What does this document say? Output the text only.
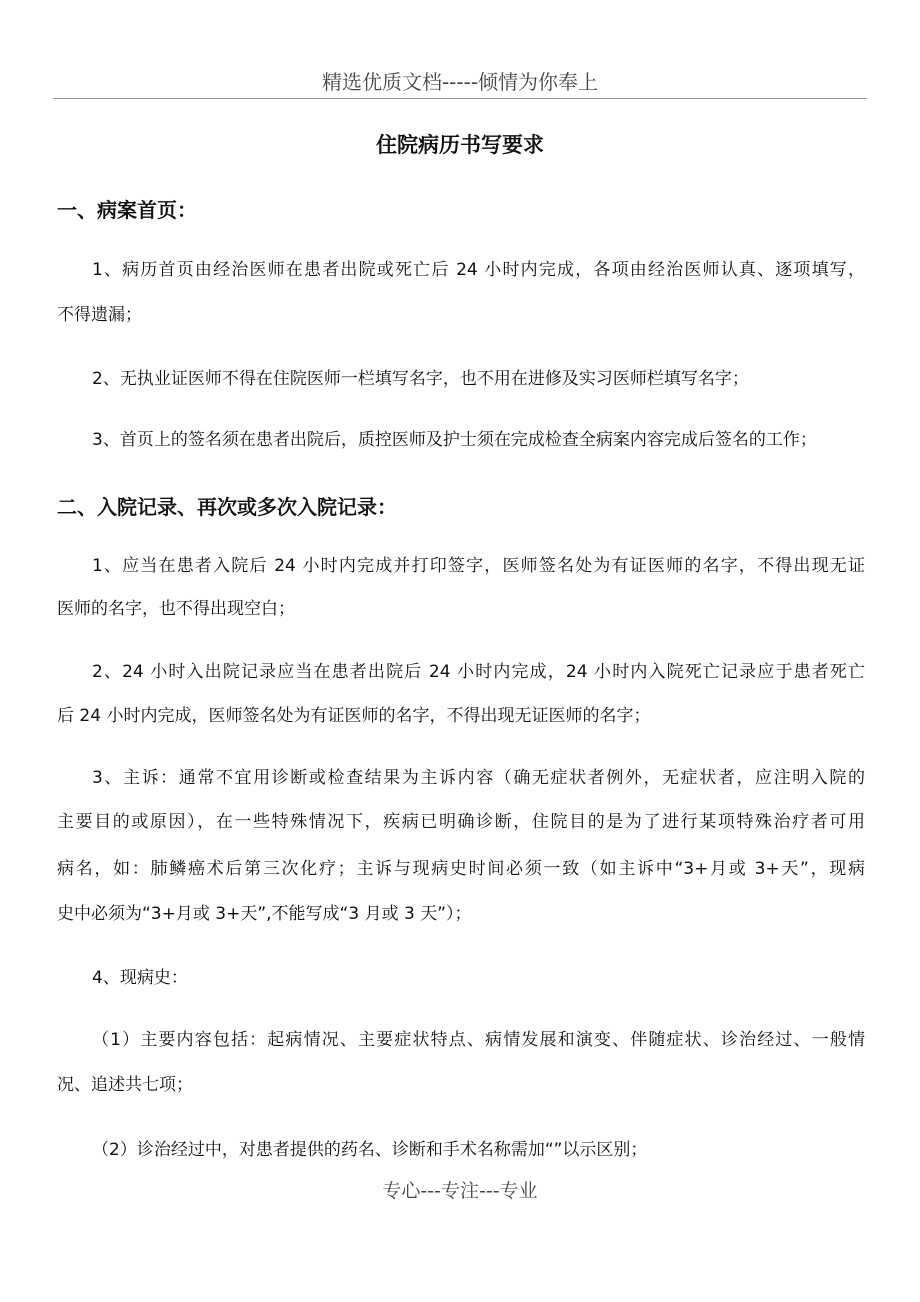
精选优质文档-----倾情为你奉上
住院病历书写要求
一、病案首页：
1、病历首页由经治医师在患者出院或死亡后 24 小时内完成，各项由经治医师认真、逐项填写，
不得遗漏；
2、无执业证医师不得在住院医师一栏填写名字，也不用在进修及实习医师栏填写名字；
3、首页上的签名须在患者出院后，质控医师及护士须在完成检查全病案内容完成后签名的工作；
二、入院记录、再次或多次入院记录：
1、应当在患者入院后 24 小时内完成并打印签字，医师签名处为有证医师的名字，不得出现无证
医师的名字，也不得出现空白；
2、24 小时入出院记录应当在患者出院后 24 小时内完成，24 小时内入院死亡记录应于患者死亡
后 24 小时内完成，医师签名处为有证医师的名字，不得出现无证医师的名字；
3、主诉：通常不宜用诊断或检查结果为主诉内容（确无症状者例外，无症状者，应注明入院的
主要目的或原因），在一些特殊情况下，疾病已明确诊断，住院目的是为了进行某项特殊治疗者可用
病名，如：肺鳞癌术后第三次化疗；主诉与现病史时间必须一致（如主诉中“3+月或 3+天”，现病
史中必须为“3+月或 3+天”,不能写成“3 月或 3 天”）；
4、现病史：
（1）主要内容包括：起病情况、主要症状特点、病情发展和演变、伴随症状、诊治经过、一般情
况、追述共七项；
（2）诊治经过中，对患者提供的药名、诊断和手术名称需加“”以示区别；
专心---专注---专业
